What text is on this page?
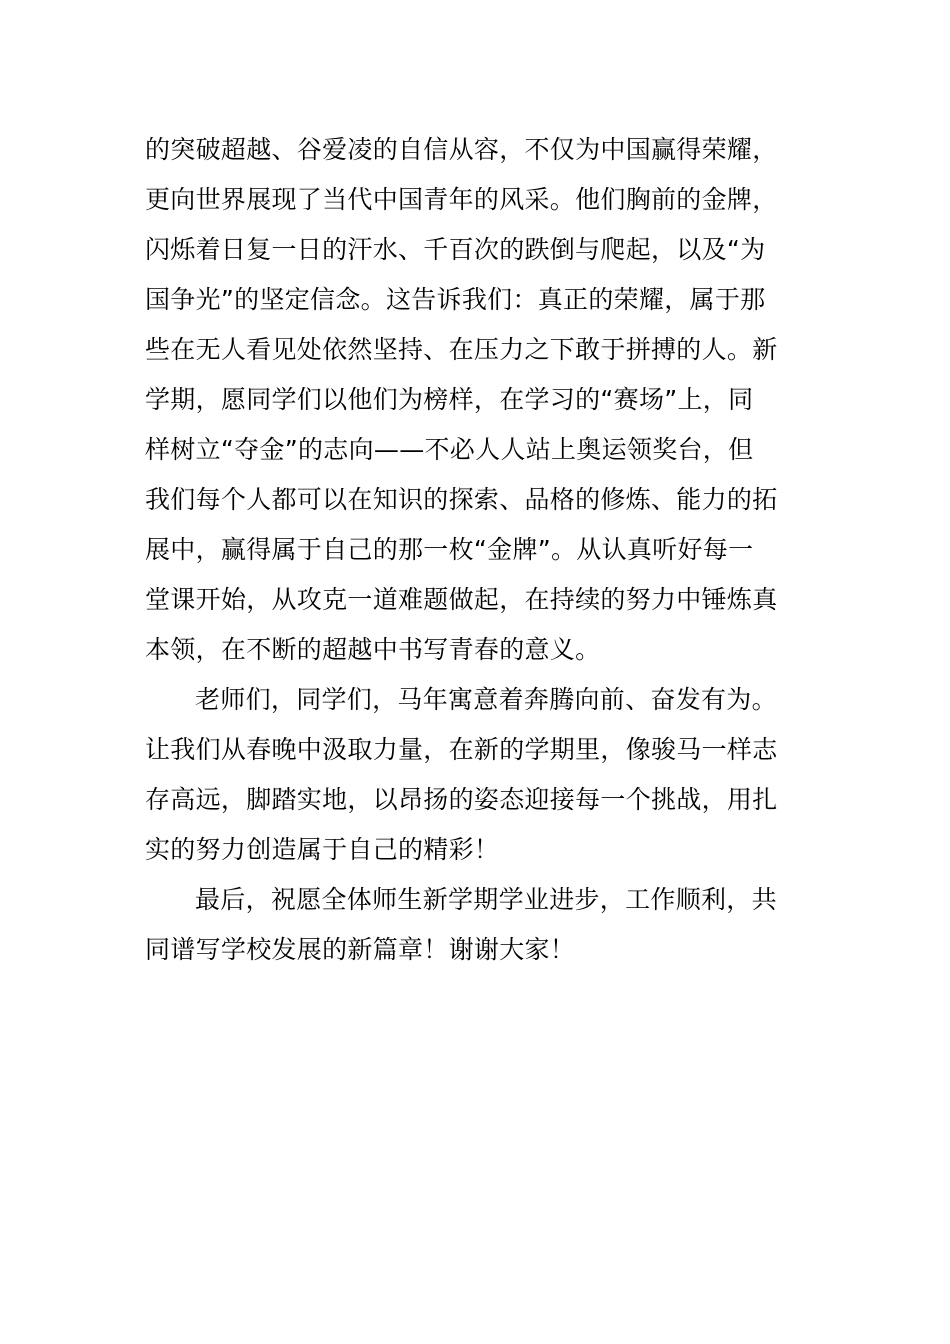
的突破超越、谷爱凌的自信从容，不仅为中国赢得荣耀，
更向世界展现了当代中国青年的风采。他们胸前的金牌，
闪烁着日复一日的汗水、千百次的跌倒与爬起，以及“为
国争光”的坚定信念。这告诉我们：真正的荣耀，属于那
些在无人看见处依然坚持、在压力之下敢于拼搏的人。新
学期，愿同学们以他们为榜样，在学习的“赛场”上，同
样树立“夺金”的志向——不必人人站上奥运领奖台，但
我们每个人都可以在知识的探索、品格的修炼、能力的拓
展中，赢得属于自己的那一枚“金牌”。从认真听好每一
堂课开始，从攻克一道难题做起，在持续的努力中锤炼真
本领，在不断的超越中书写青春的意义。
老师们，同学们，马年寓意着奔腾向前、奋发有为。
让我们从春晚中汲取力量，在新的学期里，像骏马一样志
存高远，脚踏实地，以昂扬的姿态迎接每一个挑战，用扎
实的努力创造属于自己的精彩！
最后，祝愿全体师生新学期学业进步，工作顺利，共
同谱写学校发展的新篇章！谢谢大家！
